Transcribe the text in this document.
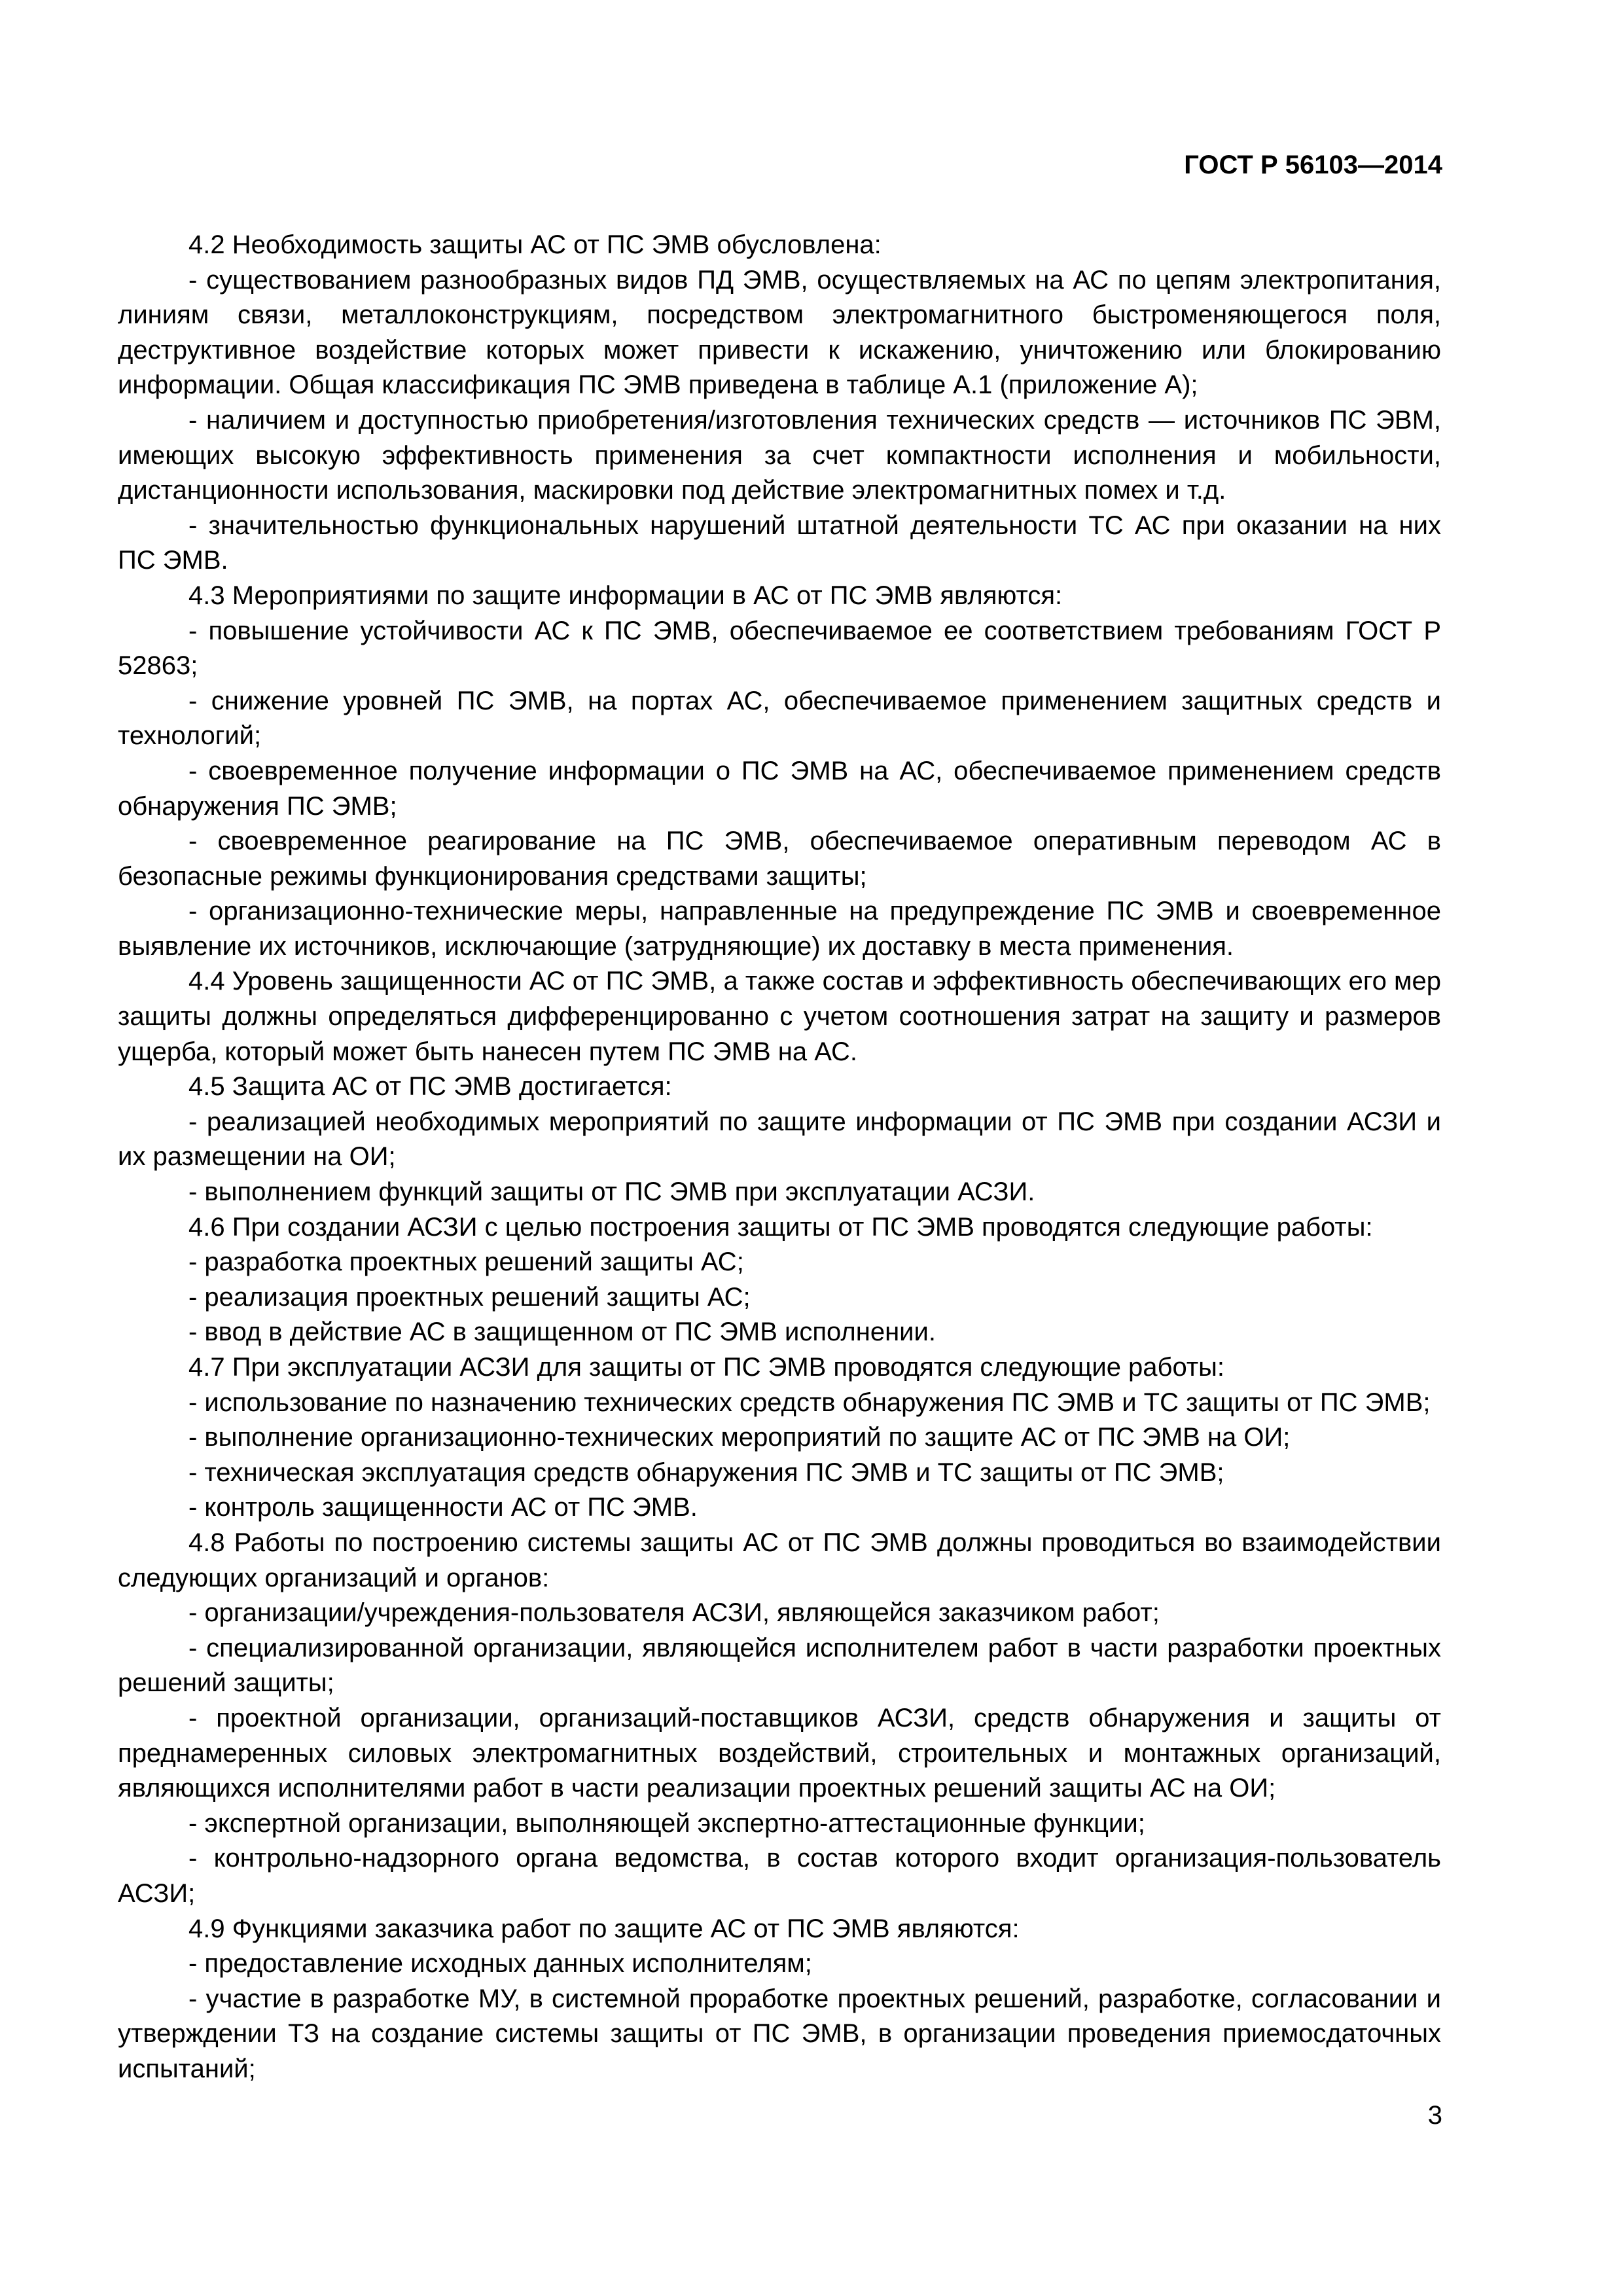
ГОСТ Р 56103—2014

4.2 Необходимость защиты АС от ПС ЭМВ обусловлена:

- существованием разнообразных видов ПД ЭМВ, осуществляемых на АС по цепям электропитания, линиям связи, металлоконструкциям, посредством электромагнитного быстроменяющегося поля, деструктивное воздействие которых может привести к искажению, уничтожению или блокированию информации. Общая классификация ПС ЭМВ приведена в таблице А.1 (приложение А);

- наличием и доступностью приобретения/изготовления технических средств — источников ПС ЭВМ, имеющих высокую эффективность применения за счет компактности исполнения и мобильности, дистанционности использования, маскировки под действие электромагнитных помех и т.д.

- значительностью функциональных нарушений штатной деятельности ТС АС при оказании на них ПС ЭМВ.

4.3 Мероприятиями по защите информации в АС от ПС ЭМВ являются:

- повышение устойчивости АС к ПС ЭМВ, обеспечиваемое ее соответствием требованиям ГОСТ Р 52863;

- снижение уровней ПС ЭМВ, на портах АС, обеспечиваемое применением защитных средств и технологий;

- своевременное получение информации о ПС ЭМВ на АС, обеспечиваемое применением средств обнаружения ПС ЭМВ;

- своевременное реагирование на ПС ЭМВ, обеспечиваемое оперативным переводом АС в безопасные режимы функционирования средствами защиты;

- организационно-технические меры, направленные на предупреждение ПС ЭМВ и своевременное выявление их источников, исключающие (затрудняющие) их доставку в места применения.

4.4 Уровень защищенности АС от ПС ЭМВ, а также состав и эффективность обеспечивающих его мер защиты должны определяться дифференцированно с учетом соотношения затрат на защиту и размеров ущерба, который может быть нанесен путем ПС ЭМВ на АС.

4.5 Защита АС от ПС ЭМВ достигается:

- реализацией необходимых мероприятий по защите информации от ПС ЭМВ при создании АСЗИ и их размещении на ОИ;

- выполнением функций защиты от ПС ЭМВ при эксплуатации АСЗИ.

4.6 При создании АСЗИ с целью построения защиты от ПС ЭМВ проводятся следующие работы:

- разработка проектных решений защиты АС;

- реализация проектных решений защиты АС;

- ввод в действие АС в защищенном от ПС ЭМВ исполнении.

4.7 При эксплуатации АСЗИ для защиты от ПС ЭМВ проводятся следующие работы:

- использование по назначению технических средств обнаружения ПС ЭМВ и ТС защиты от ПС ЭМВ;

- выполнение организационно-технических мероприятий по защите АС от ПС ЭМВ на ОИ;

- техническая эксплуатация средств обнаружения ПС ЭМВ и ТС защиты от ПС ЭМВ;

- контроль защищенности АС от ПС ЭМВ.

4.8 Работы по построению системы защиты АС от ПС ЭМВ должны проводиться во взаимодействии следующих организаций и органов:

- организации/учреждения-пользователя АСЗИ, являющейся заказчиком работ;

- специализированной организации, являющейся исполнителем работ в части разработки проектных решений защиты;

- проектной организации, организаций-поставщиков АСЗИ, средств обнаружения и защиты от преднамеренных силовых электромагнитных воздействий, строительных и монтажных организаций, являющихся исполнителями работ в части реализации проектных решений защиты АС на ОИ;

- экспертной организации, выполняющей экспертно-аттестационные функции;

- контрольно-надзорного органа ведомства, в состав которого входит организация-пользователь АСЗИ;

4.9 Функциями заказчика работ по защите АС от ПС ЭМВ являются:

- предоставление исходных данных исполнителям;

- участие в разработке МУ, в системной проработке проектных решений, разработке, согласовании и утверждении ТЗ на создание системы защиты от ПС ЭМВ, в организации проведения приемосдаточных испытаний;

3
